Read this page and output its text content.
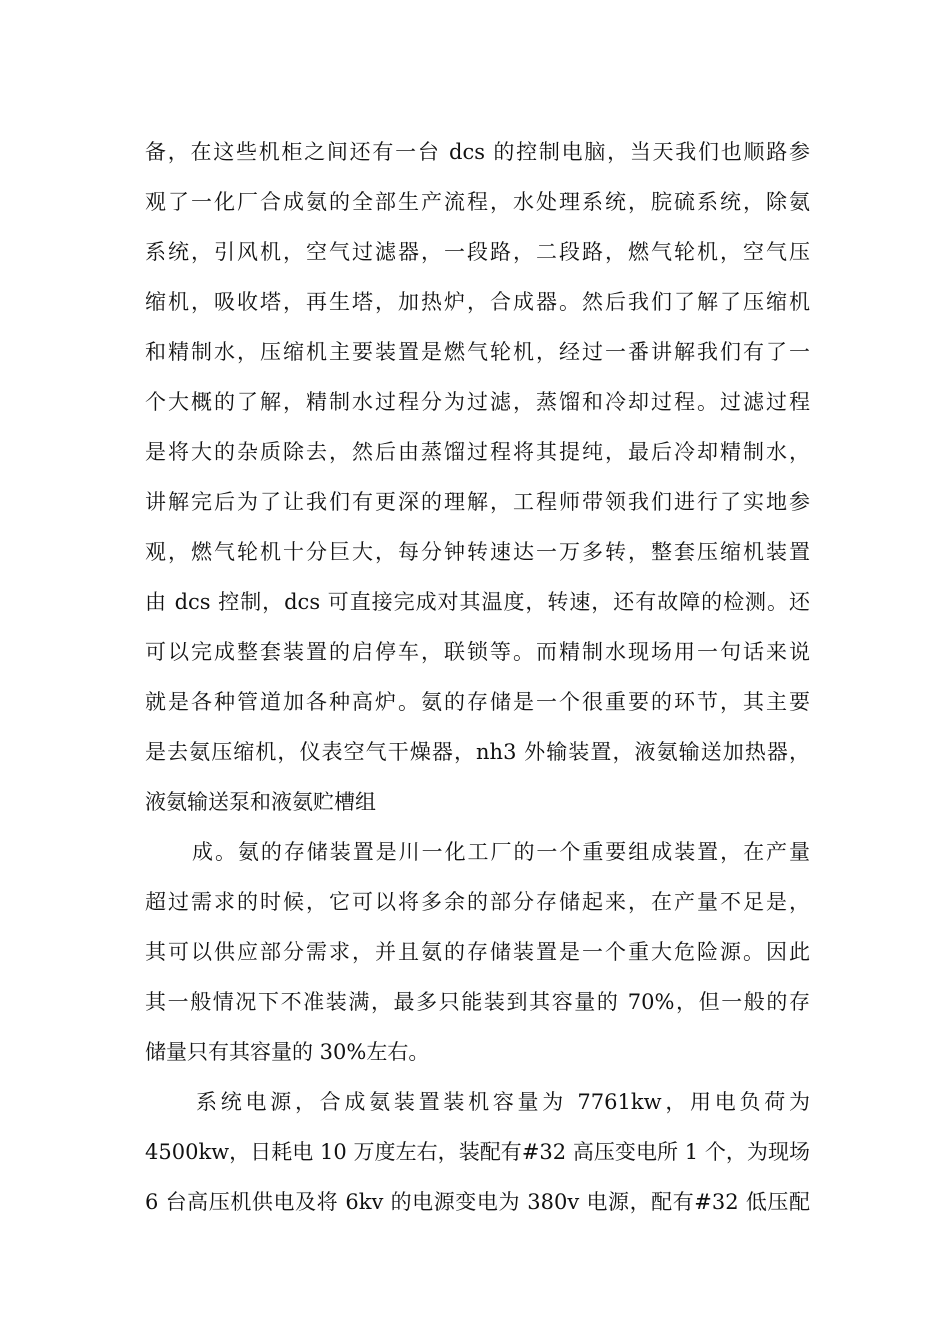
备，在这些机柜之间还有一台 dcs 的控制电脑，当天我们也顺路参
观了一化厂合成氨的全部生产流程，水处理系统，脘硫系统，除氨
系统，引风机，空气过滤器，一段路，二段路，燃气轮机，空气压
缩机，吸收塔，再生塔，加热炉，合成器。然后我们了解了压缩机
和精制水，压缩机主要装置是燃气轮机，经过一番讲解我们有了一
个大概的了解，精制水过程分为过滤，蒸馏和冷却过程。过滤过程
是将大的杂质除去，然后由蒸馏过程将其提纯，最后冷却精制水，
讲解完后为了让我们有更深的理解，工程师带领我们进行了实地参
观，燃气轮机十分巨大，每分钟转速达一万多转，整套压缩机装置
由 dcs 控制，dcs 可直接完成对其温度，转速，还有故障的检测。还
可以完成整套装置的启停车，联锁等。而精制水现场用一句话来说
就是各种管道加各种高炉。氨的存储是一个很重要的环节，其主要
是去氨压缩机，仪表空气干燥器，nh3 外输装置，液氨输送加热器，
液氨输送泵和液氨贮槽组
成。氨的存储装置是川一化工厂的一个重要组成装置，在产量
超过需求的时候，它可以将多余的部分存储起来，在产量不足是，
其可以供应部分需求，并且氨的存储装置是一个重大危险源。因此
其一般情况下不准装满，最多只能装到其容量的 70%，但一般的存
储量只有其容量的 30%左右。
系统电源，合成氨装置装机容量为 7761kw，用电负荷为
4500kw，日耗电 10 万度左右，装配有#32 高压变电所 1 个，为现场
6 台高压机供电及将 6kv 的电源变电为 380v 电源，配有#32 低压配
